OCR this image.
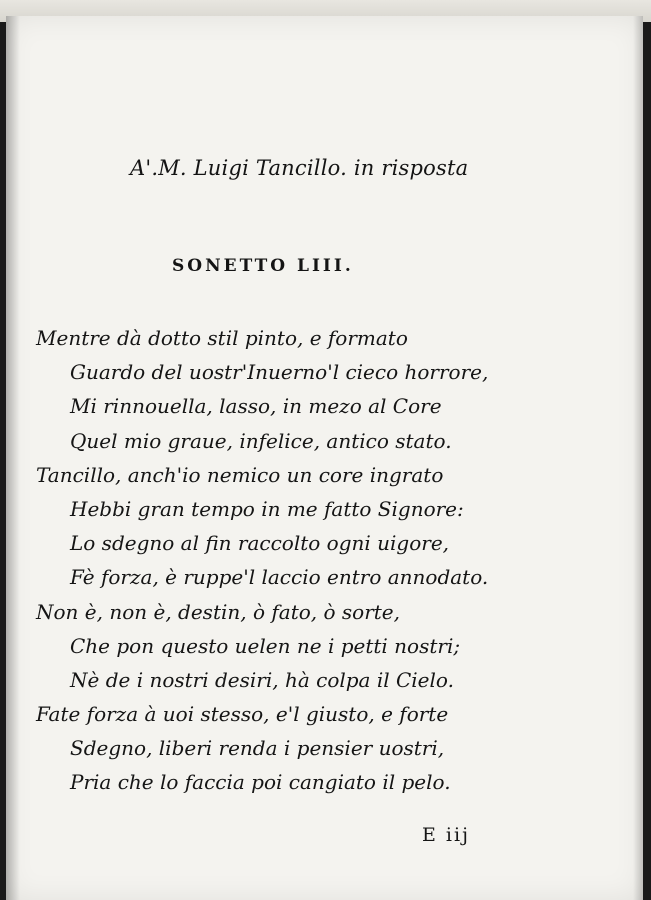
A'.M. Luigi Tancillo. in risposta
SONETTO LIII.
Mentre dà dotto stil pinto, e formato
Guardo del uostr'Inuerno'l cieco horrore,
Mi rinnouella, lasso, in mezo al Core
Quel mio graue, infelice, antico stato.
Tancillo, anch'io nemico un core ingrato
Hebbi gran tempo in me fatto Signore:
Lo sdegno al fin raccolto ogni uigore,
Fè forza, è ruppe'l laccio entro annodato.
Non è, non è, destin, ò fato, ò sorte,
Che pon questo uelen ne i petti nostri;
Nè de i nostri desiri, hà colpa il Cielo.
Fate forza à uoi stesso, e'l giusto, e forte
Sdegno, liberi renda i pensier uostri,
Pria che lo faccia poi cangiato il pelo.
E iij
